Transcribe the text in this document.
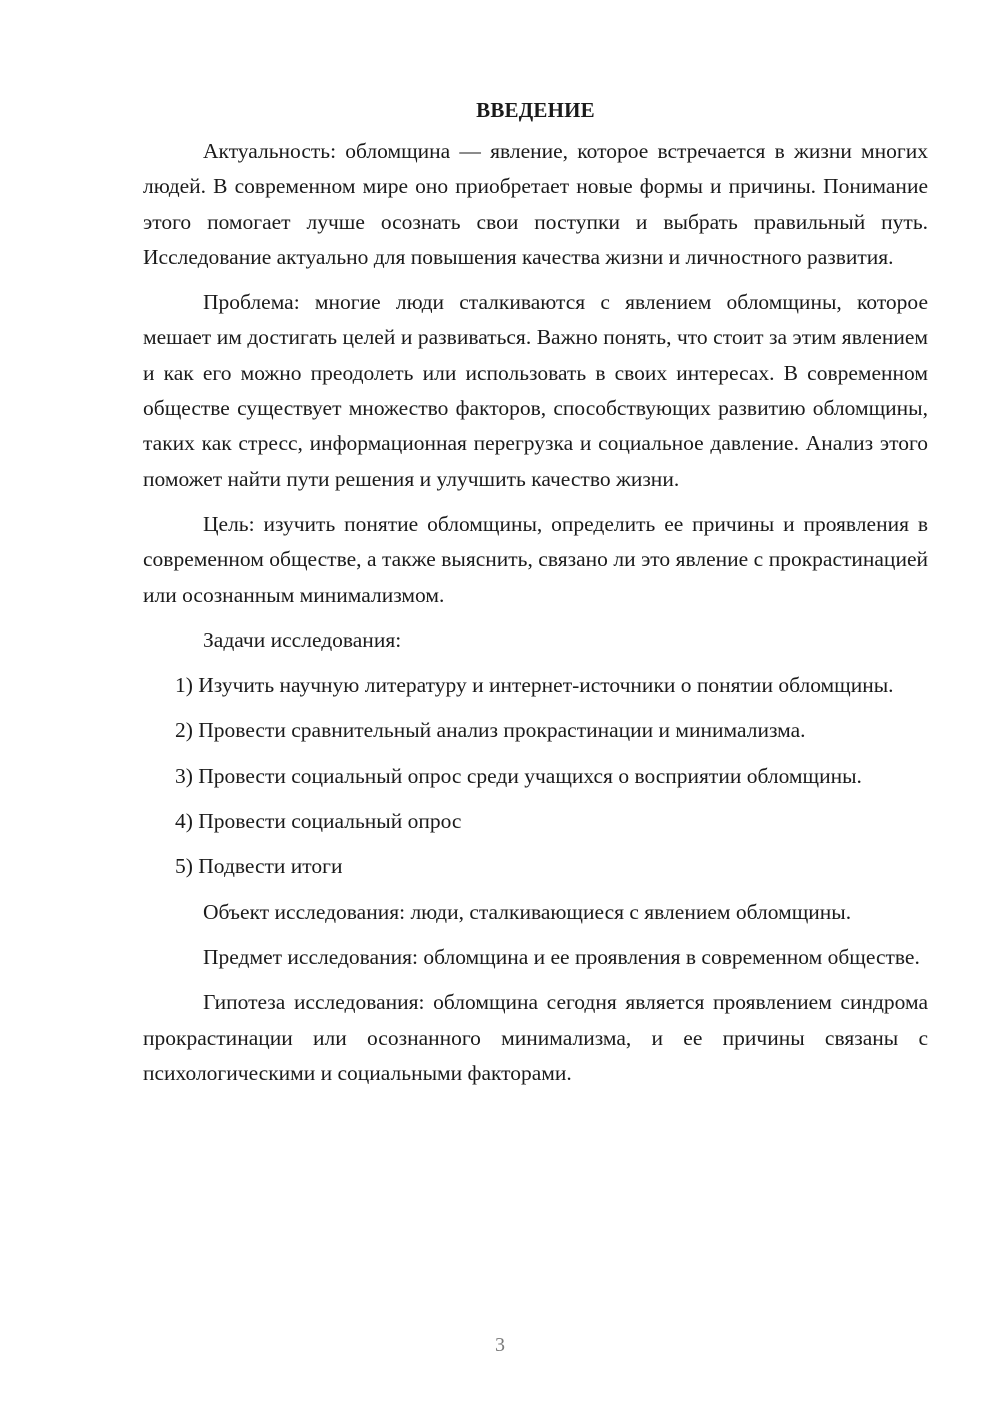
ВВЕДЕНИЕ

Актуальность: обломщина — явление, которое встречается в жизни многих людей. В современном мире оно приобретает новые формы и причины. Понимание этого помогает лучше осознать свои поступки и выбрать правильный путь. Исследование актуально для повышения качества жизни и личностного развития.

Проблема: многие люди сталкиваются с явлением обломщины, которое мешает им достигать целей и развиваться. Важно понять, что стоит за этим явлением и как его можно преодолеть или использовать в своих интересах. В современном обществе существует множество факторов, способствующих развитию обломщины, таких как стресс, информационная перегрузка и социальное давление. Анализ этого поможет найти пути решения и улучшить качество жизни.

Цель: изучить понятие обломщины, определить ее причины и проявления в современном обществе, а также выяснить, связано ли это явление с прокрастинацией или осознанным минимализмом.

Задачи исследования:

1) Изучить научную литературу и интернет-источники о понятии обломщины.

2) Провести сравнительный анализ прокрастинации и минимализма.

3) Провести социальный опрос среди учащихся о восприятии обломщины.

4) Провести социальный опрос

5) Подвести итоги

Объект исследования: люди, сталкивающиеся с явлением обломщины.

Предмет исследования: обломщина и ее проявления в современном обществе.

Гипотеза исследования: обломщина сегодня является проявлением синдрома прокрастинации или осознанного минимализма, и ее причины связаны с психологическими и социальными факторами.

3
